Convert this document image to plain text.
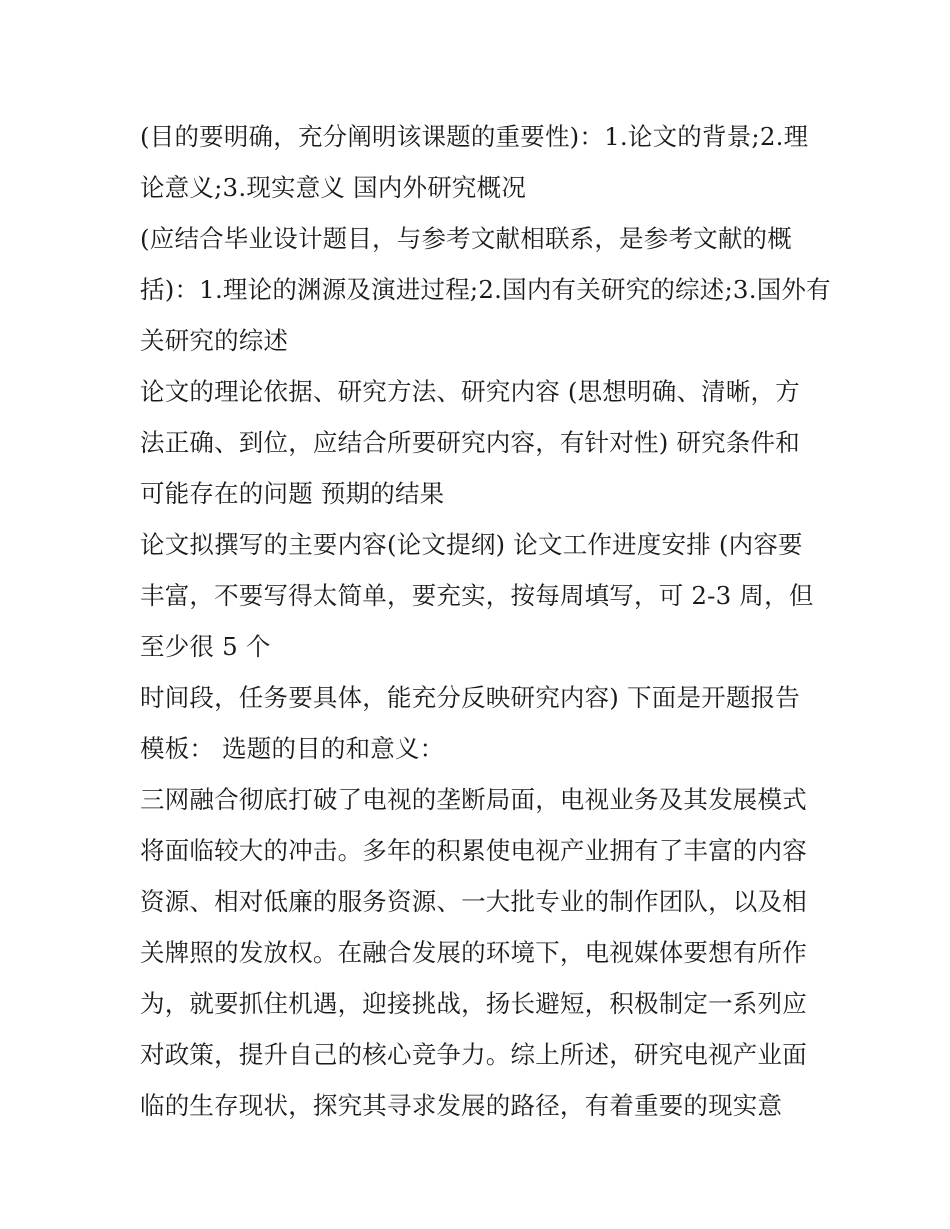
(目的要明确，充分阐明该课题的重要性)：1.论文的背景;2.理
论意义;3.现实意义 国内外研究概况
(应结合毕业设计题目，与参考文献相联系，是参考文献的概
括)：1.理论的渊源及演进过程;2.国内有关研究的综述;3.国外有
关研究的综述
论文的理论依据、研究方法、研究内容 (思想明确、清晰，方
法正确、到位，应结合所要研究内容，有针对性) 研究条件和
可能存在的问题 预期的结果
论文拟撰写的主要内容(论文提纲) 论文工作进度安排 (内容要
丰富，不要写得太简单，要充实，按每周填写，可 2-3 周，但
至少很 5 个
时间段，任务要具体，能充分反映研究内容) 下面是开题报告
模板： 选题的目的和意义：
三网融合彻底打破了电视的垄断局面，电视业务及其发展模式
将面临较大的冲击。多年的积累使电视产业拥有了丰富的内容
资源、相对低廉的服务资源、一大批专业的制作团队，以及相
关牌照的发放权。在融合发展的环境下，电视媒体要想有所作
为，就要抓住机遇，迎接挑战，扬长避短，积极制定一系列应
对政策，提升自己的核心竞争力。综上所述，研究电视产业面
临的生存现状，探究其寻求发展的路径，有着重要的现实意
